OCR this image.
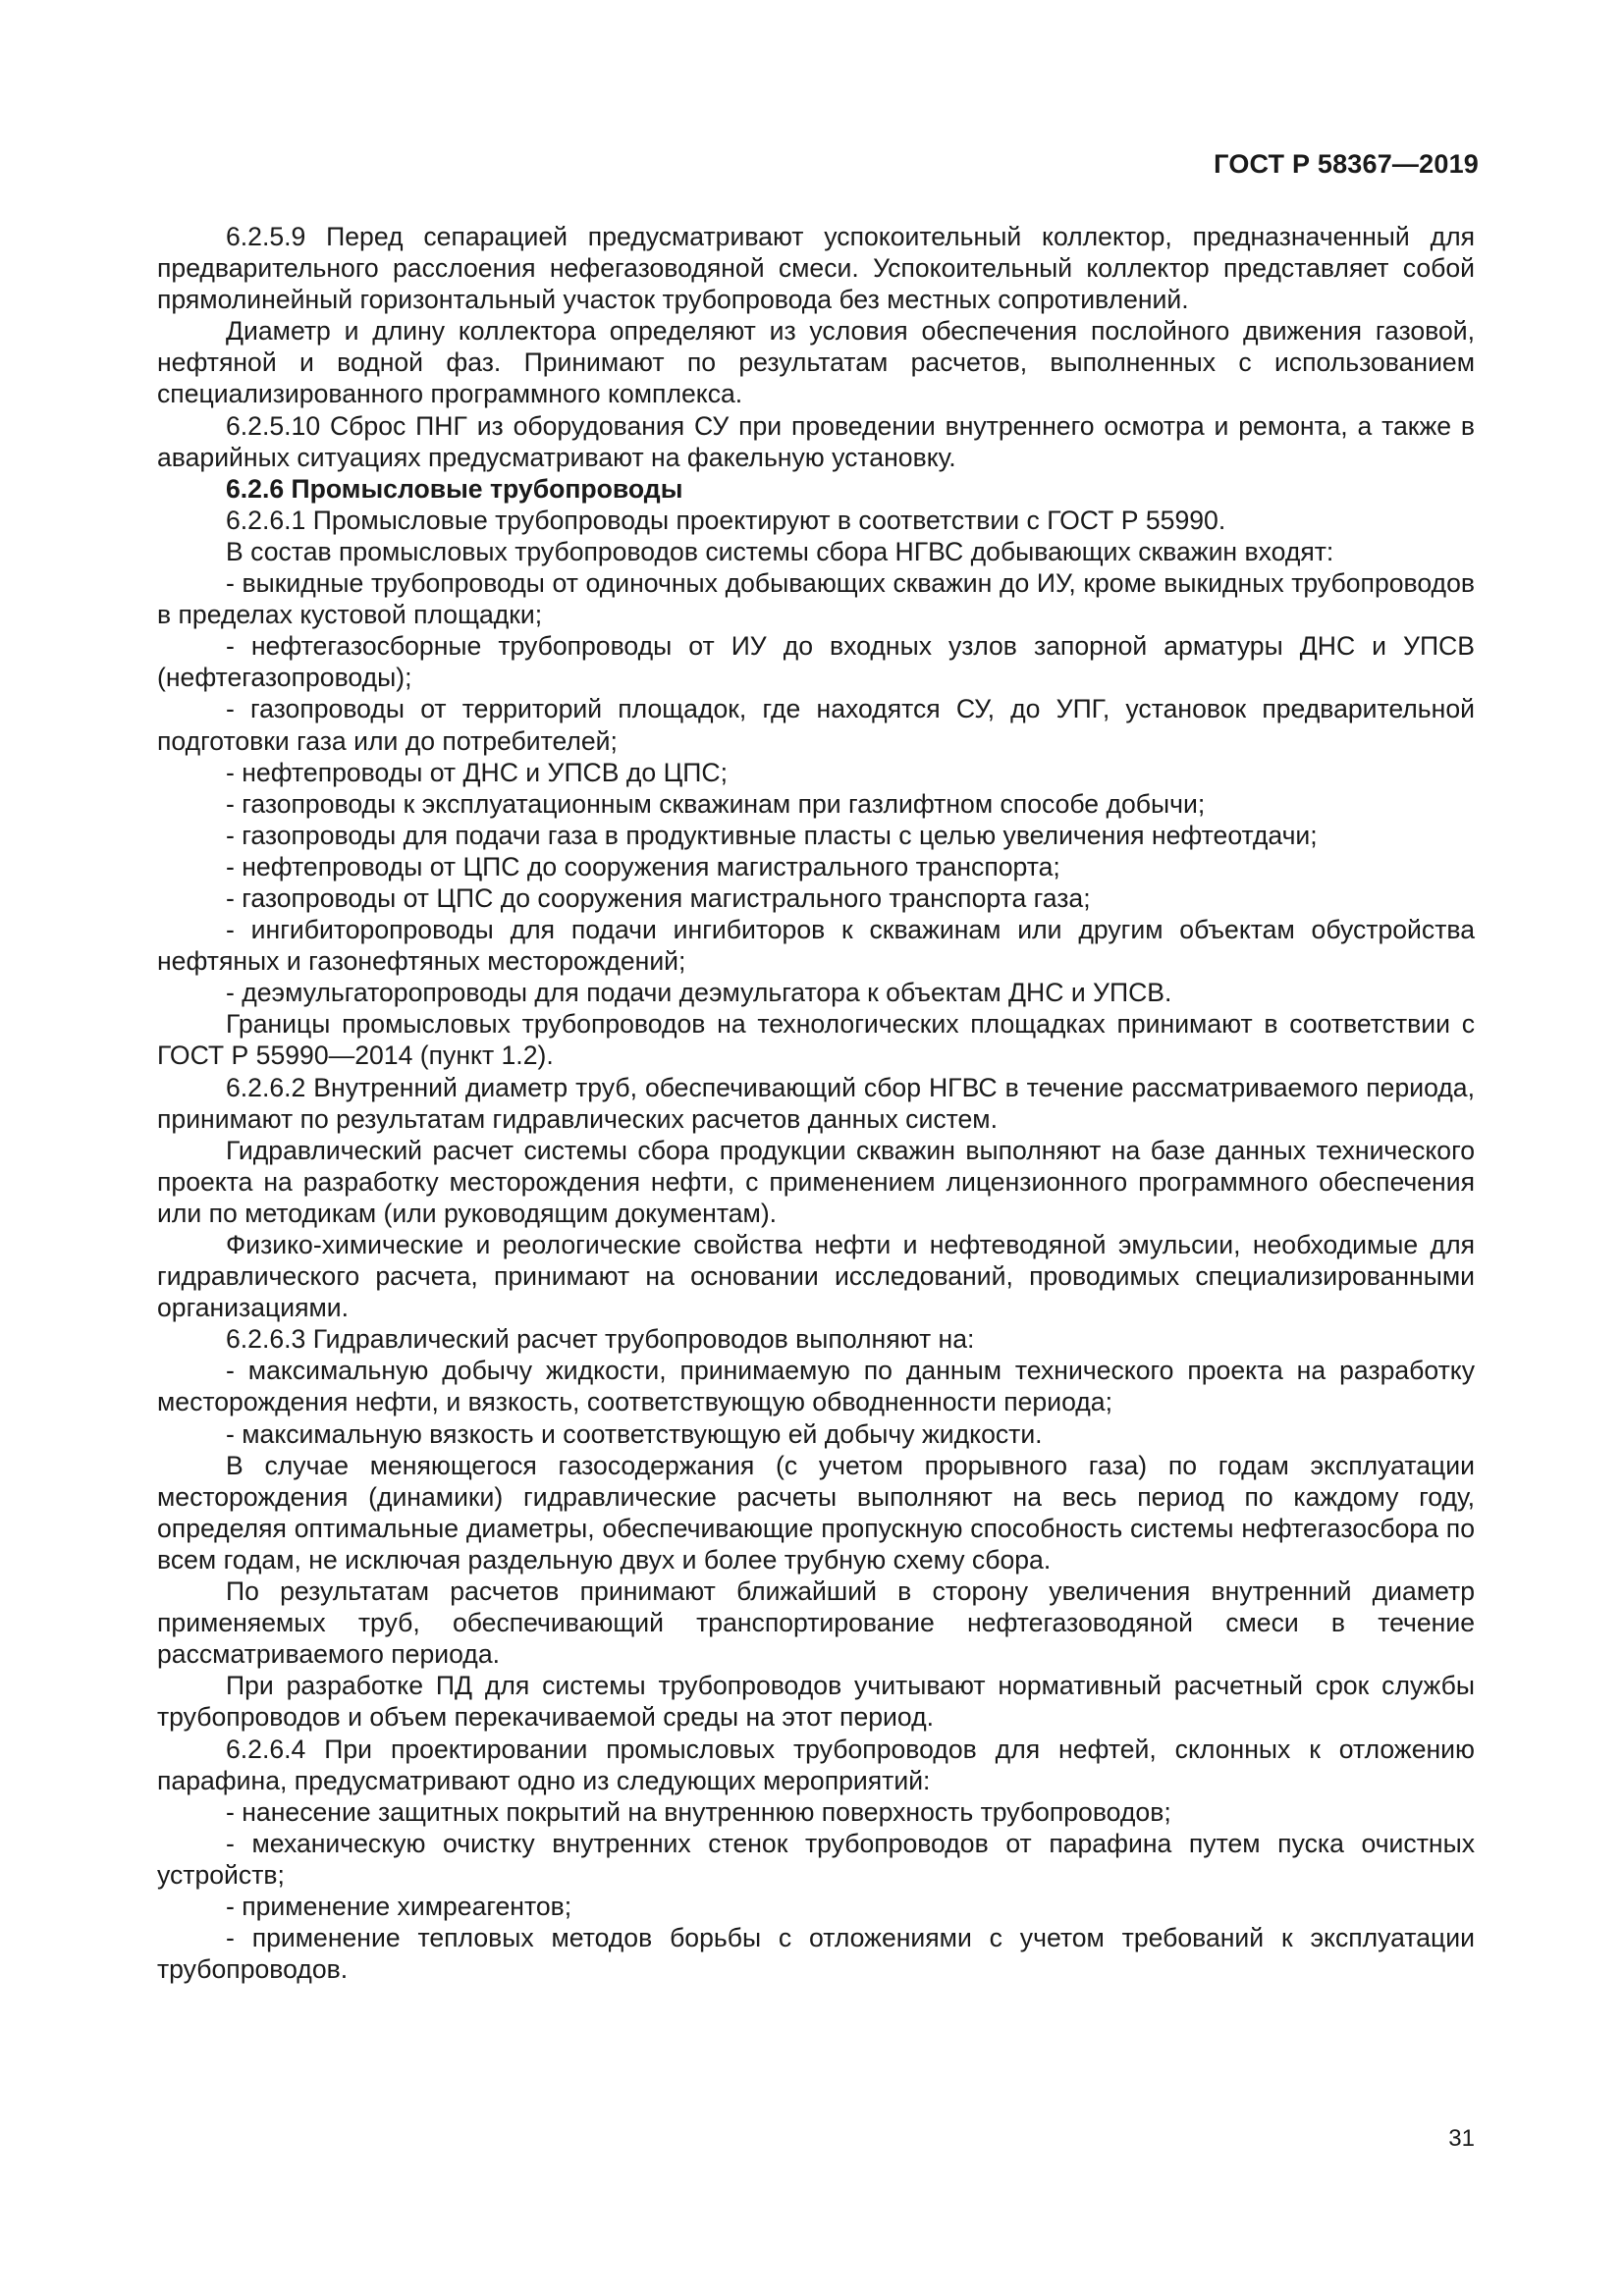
ГОСТ Р 58367—2019

6.2.5.9 Перед сепарацией предусматривают успокоительный коллектор, предназначенный для предварительного расслоения нефегазоводяной смеси. Успокоительный коллектор представляет собой прямолинейный горизонтальный участок трубопровода без местных сопротивлений.

Диаметр и длину коллектора определяют из условия обеспечения послойного движения газовой, нефтяной и водной фаз. Принимают по результатам расчетов, выполненных с использованием специализированного программного комплекса.

6.2.5.10 Сброс ПНГ из оборудования СУ при проведении внутреннего осмотра и ремонта, а также в аварийных ситуациях предусматривают на факельную установку.

6.2.6 Промысловые трубопроводы

6.2.6.1 Промысловые трубопроводы проектируют в соответствии с ГОСТ Р 55990.

В состав промысловых трубопроводов системы сбора НГВС добывающих скважин входят:

- выкидные трубопроводы от одиночных добывающих скважин до ИУ, кроме выкидных трубопроводов в пределах кустовой площадки;

- нефтегазосборные трубопроводы от ИУ до входных узлов запорной арматуры ДНС и УПСВ (нефтегазопроводы);

- газопроводы от территорий площадок, где находятся СУ, до УПГ, установок предварительной подготовки газа или до потребителей;

- нефтепроводы от ДНС и УПСВ до ЦПС;

- газопроводы к эксплуатационным скважинам при газлифтном способе добычи;

- газопроводы для подачи газа в продуктивные пласты с целью увеличения нефтеотдачи;

- нефтепроводы от ЦПС до сооружения магистрального транспорта;

- газопроводы от ЦПС до сооружения магистрального транспорта газа;

- ингибиторопроводы для подачи ингибиторов к скважинам или другим объектам обустройства нефтяных и газонефтяных месторождений;

- деэмульгаторопроводы для подачи деэмульгатора к объектам ДНС и УПСВ.

Границы промысловых трубопроводов на технологических площадках принимают в соответствии с ГОСТ Р 55990—2014 (пункт 1.2).

6.2.6.2 Внутренний диаметр труб, обеспечивающий сбор НГВС в течение рассматриваемого периода, принимают по результатам гидравлических расчетов данных систем.

Гидравлический расчет системы сбора продукции скважин выполняют на базе данных технического проекта на разработку месторождения нефти, с применением лицензионного программного обеспечения или по методикам (или руководящим документам).

Физико-химические и реологические свойства нефти и нефтеводяной эмульсии, необходимые для гидравлического расчета, принимают на основании исследований, проводимых специализированными организациями.

6.2.6.3 Гидравлический расчет трубопроводов выполняют на:

- максимальную добычу жидкости, принимаемую по данным технического проекта на разработку месторождения нефти, и вязкость, соответствующую обводненности периода;

- максимальную вязкость и соответствующую ей добычу жидкости.

В случае меняющегося газосодержания (с учетом прорывного газа) по годам эксплуатации месторождения (динамики) гидравлические расчеты выполняют на весь период по каждому году, определяя оптимальные диаметры, обеспечивающие пропускную способность системы нефтегазосбора по всем годам, не исключая раздельную двух и более трубную схему сбора.

По результатам расчетов принимают ближайший в сторону увеличения внутренний диаметр применяемых труб, обеспечивающий транспортирование нефтегазоводяной смеси в течение рассматриваемого периода.

При разработке ПД для системы трубопроводов учитывают нормативный расчетный срок службы трубопроводов и объем перекачиваемой среды на этот период.

6.2.6.4 При проектировании промысловых трубопроводов для нефтей, склонных к отложению парафина, предусматривают одно из следующих мероприятий:

- нанесение защитных покрытий на внутреннюю поверхность трубопроводов;

- механическую очистку внутренних стенок трубопроводов от парафина путем пуска очистных устройств;

- применение химреагентов;

- применение тепловых методов борьбы с отложениями с учетом требований к эксплуатации трубопроводов.

31
